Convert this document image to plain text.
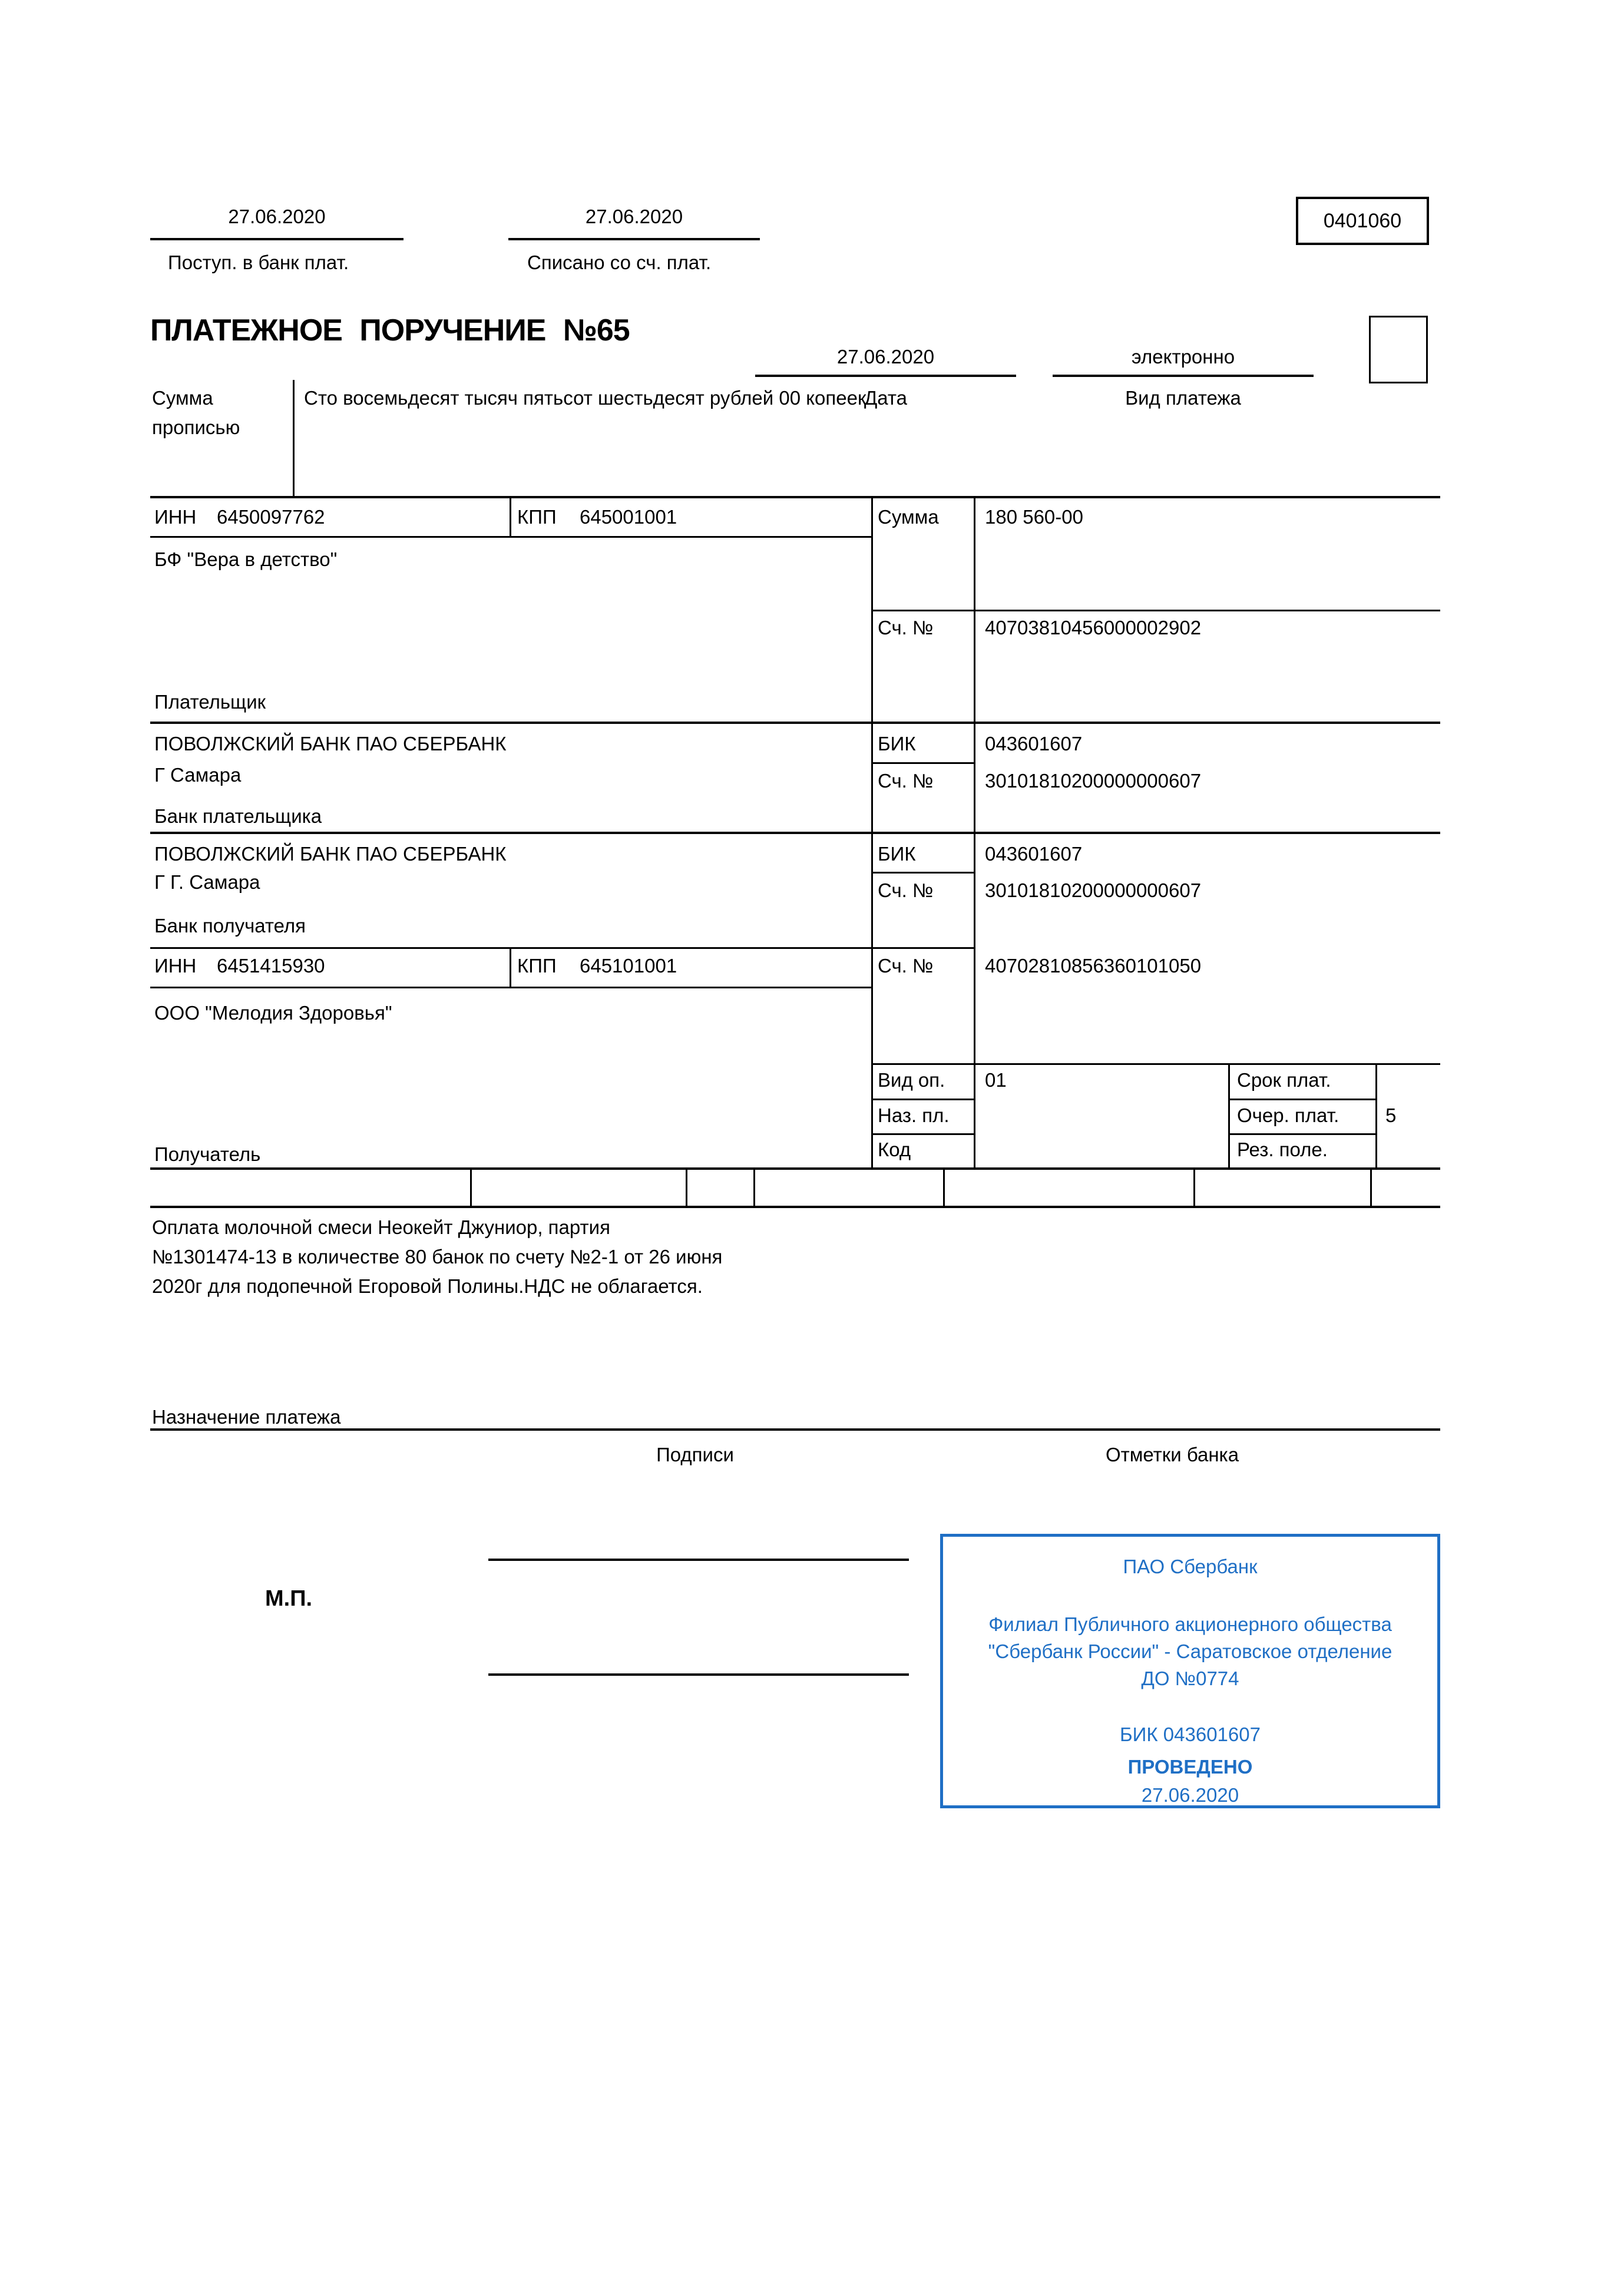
27.06.2020
Поступ. в банк плат.
27.06.2020
Списано со сч. плат.
0401060
ПЛАТЕЖНОЕ ПОРУЧЕНИЕ №65
27.06.2020
Дата
электронно
Вид платежа
Сумма
прописью
Сто восемьдесят тысяч пятьсот шестьдесят рублей 00 копеек
ИНН 6450097762	КПП 645001001	Сумма 180 560-00
БФ "Вера в детство"
Сч. №	40703810456000002902
Плательщик
ПОВОЛЖСКИЙ БАНК ПАО СБЕРБАНК
Г Самара
БИК	043601607
Сч. №	30101810200000000607
Банк плательщика
ПОВОЛЖСКИЙ БАНК ПАО СБЕРБАНК
Г Г. Самара
БИК	043601607
Сч. №	30101810200000000607
Банк получателя
ИНН 6451415930	КПП 645101001	Сч. №	40702810856360101050
ООО "Мелодия Здоровья"
Вид оп. 01	Срок плат.
Наз. пл.	Очер. плат. 5
Код	Рез. поле.
Получатель
Оплата молочной смеси Неокейт Джуниор, партия
№1301474-13 в количестве 80 банок по счету №2-1 от 26 июня
2020г для подопечной Егоровой Полины.НДС не облагается.
Назначение платежа
Подписи	Отметки банка
М.П.
ПАО Сбербанк
Филиал Публичного акционерного общества
"Сбербанк России" - Саратовское отделение
ДО №0774
БИК 043601607
ПРОВЕДЕНО
27.06.2020
